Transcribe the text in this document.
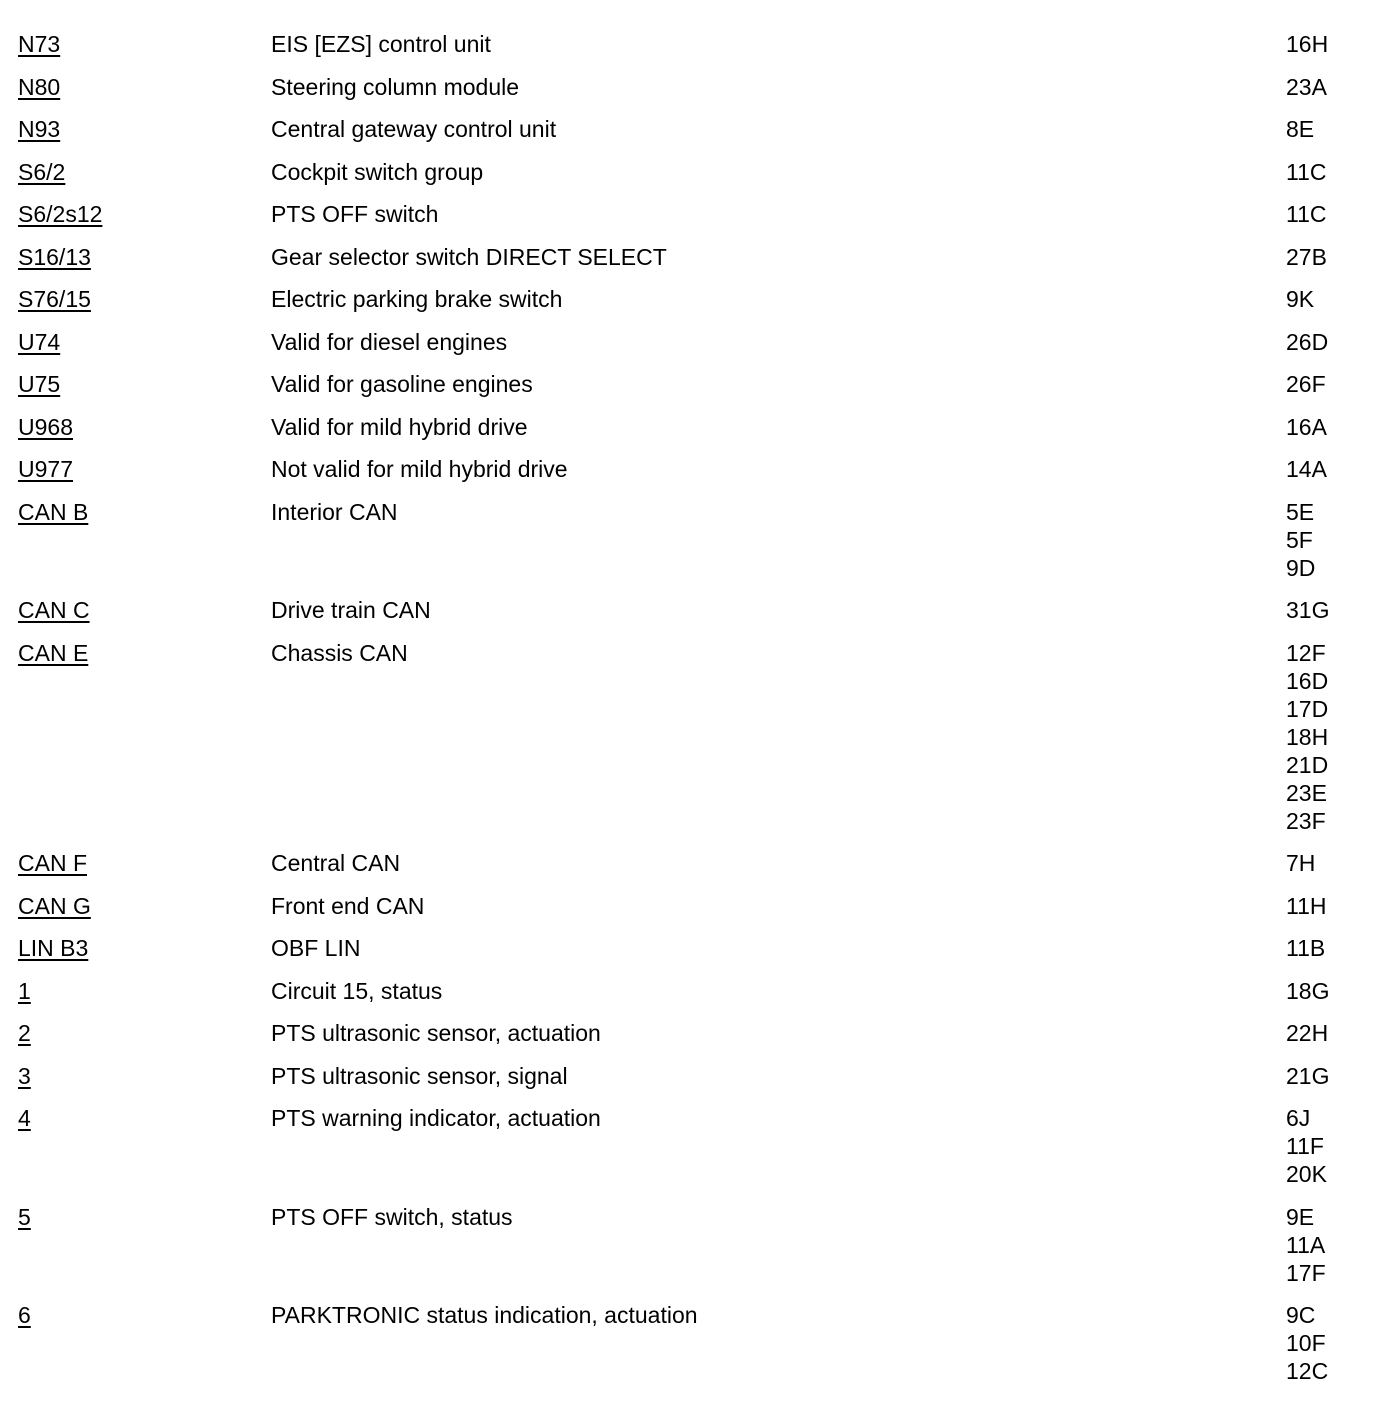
N73	EIS [EZS] control unit	16H
N80	Steering column module	23A
N93	Central gateway control unit	8E
S6/2	Cockpit switch group	11C
S6/2s12	PTS OFF switch	11C
S16/13	Gear selector switch DIRECT SELECT	27B
S76/15	Electric parking brake switch	9K
U74	Valid for diesel engines	26D
U75	Valid for gasoline engines	26F
U968	Valid for mild hybrid drive	16A
U977	Not valid for mild hybrid drive	14A
CAN B	Interior CAN	5E
5F
9D
CAN C	Drive train CAN	31G
CAN E	Chassis CAN	12F
16D
17D
18H
21D
23E
23F
CAN F	Central CAN	7H
CAN G	Front end CAN	11H
LIN B3	OBF LIN	11B
1	Circuit 15, status	18G
2	PTS ultrasonic sensor, actuation	22H
3	PTS ultrasonic sensor, signal	21G
4	PTS warning indicator, actuation	6J
11F
20K
5	PTS OFF switch, status	9E
11A
17F
6	PARKTRONIC status indication, actuation	9C
10F
12C
